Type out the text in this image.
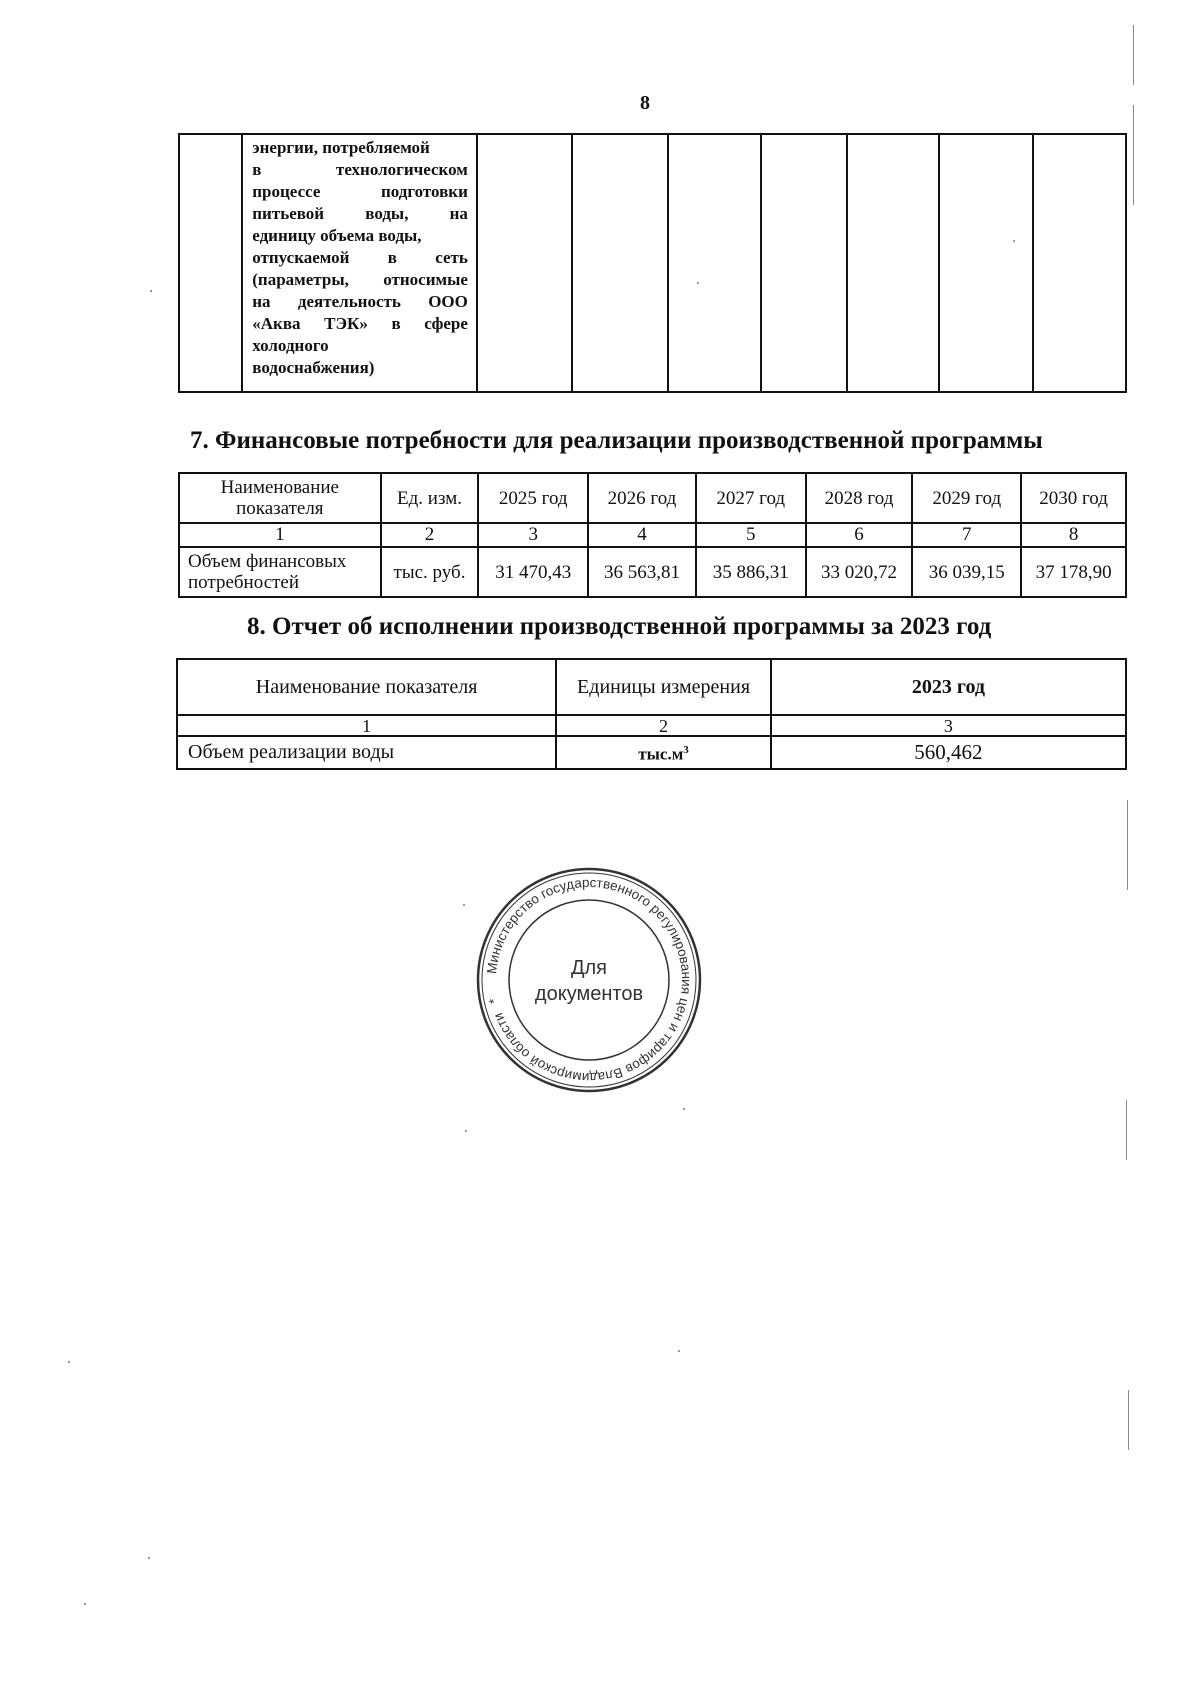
8

энергии, потребляемой
в технологическом
процессе подготовки
питьевой воды, на
единицу объема воды,
отпускаемой в сеть
(параметры, относимые
на деятельность ООО
«Аква ТЭК» в сфере
холодного
водоснабжения)

7. Финансовые потребности для реализации производственной программы
Наименование показателя	Ед. изм.	2025 год	2026 год	2027 год	2028 год	2029 год	2030 год
1	2	3	4	5	6	7	8
Объем финансовых потребностей	тыс. руб.	31 470,43	36 563,81	35 886,31	33 020,72	36 039,15	37 178,90
8. Отчет об исполнении производственной программы за 2023 год
Наименование показателя	Единицы измерения	2023 год
1	2	3
Объем реализации воды	$тыс.м^3$	560,462
Министерство государственного регулирования цен и тарифов Владимирской области *
Для
документов
